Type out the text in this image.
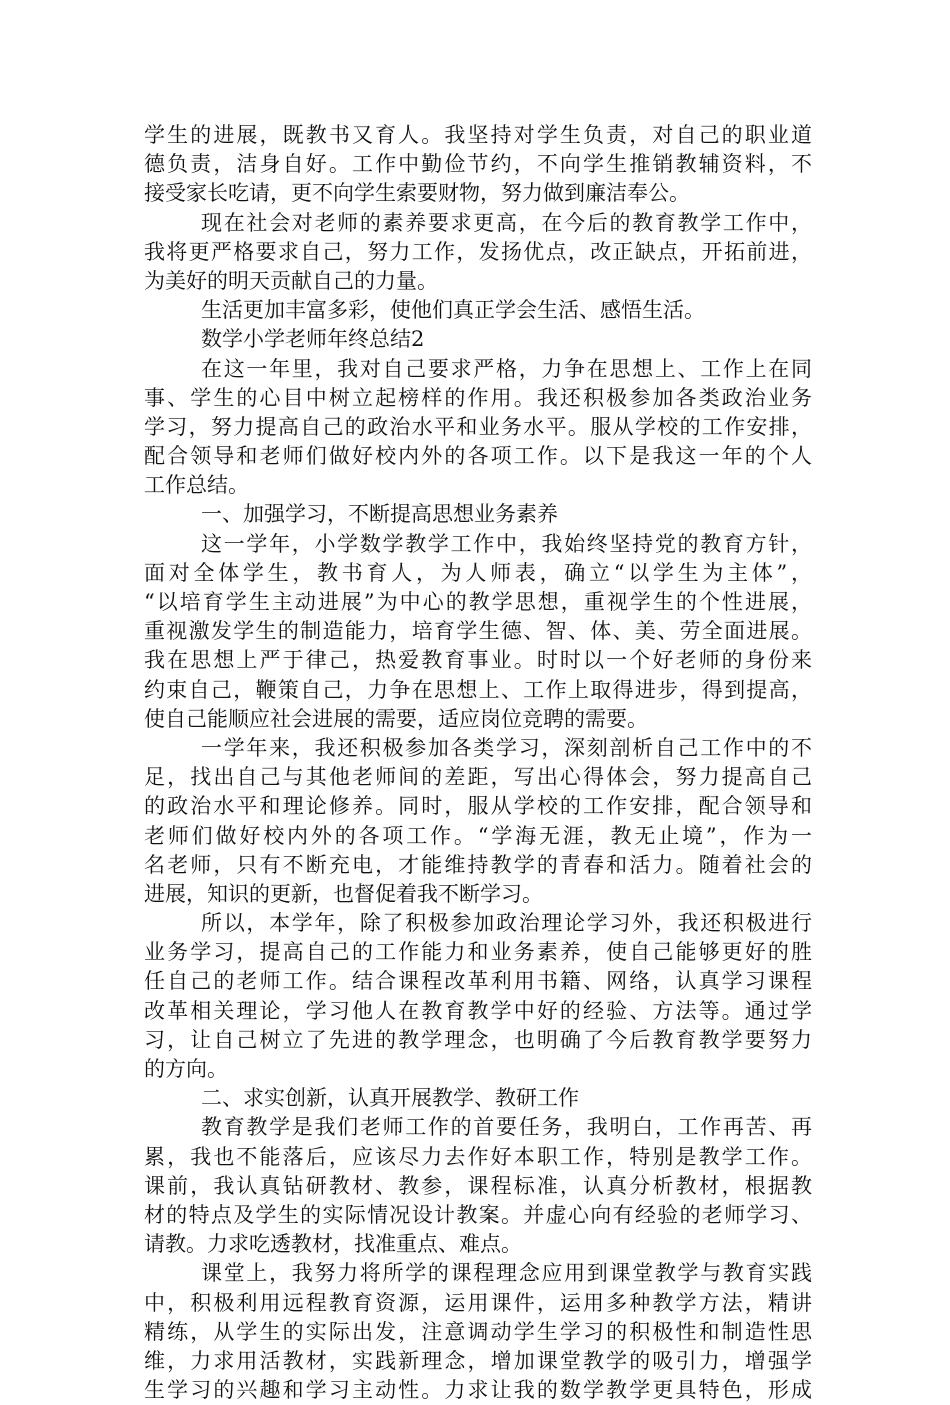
学生的进展，既教书又育人。我坚持对学生负责，对自己的职业道
德负责，洁身自好。工作中勤俭节约，不向学生推销教辅资料，不
接受家长吃请，更不向学生索要财物，努力做到廉洁奉公。
现在社会对老师的素养要求更高，在今后的教育教学工作中，
我将更严格要求自己，努力工作，发扬优点，改正缺点，开拓前进，
为美好的明天贡献自己的力量。
生活更加丰富多彩，使他们真正学会生活、感悟生活。
数学小学老师年终总结2
在这一年里，我对自己要求严格，力争在思想上、工作上在同
事、学生的心目中树立起榜样的作用。我还积极参加各类政治业务
学习，努力提高自己的政治水平和业务水平。服从学校的工作安排，
配合领导和老师们做好校内外的各项工作。以下是我这一年的个人
工作总结。
一、加强学习，不断提高思想业务素养
这一学年，小学数学教学工作中，我始终坚持党的教育方针，
面对全体学生，教书育人，为人师表，确立“以学生为主体”，
“以培育学生主动进展”为中心的教学思想，重视学生的个性进展，
重视激发学生的制造能力，培育学生德、智、体、美、劳全面进展。
我在思想上严于律己，热爱教育事业。时时以一个好老师的身份来
约束自己，鞭策自己，力争在思想上、工作上取得进步，得到提高，
使自己能顺应社会进展的需要，适应岗位竞聘的需要。
一学年来，我还积极参加各类学习，深刻剖析自己工作中的不
足，找出自己与其他老师间的差距，写出心得体会，努力提高自己
的政治水平和理论修养。同时，服从学校的工作安排，配合领导和
老师们做好校内外的各项工作。“学海无涯，教无止境”，作为一
名老师，只有不断充电，才能维持教学的青春和活力。随着社会的
进展，知识的更新，也督促着我不断学习。
所以，本学年，除了积极参加政治理论学习外，我还积极进行
业务学习，提高自己的工作能力和业务素养，使自己能够更好的胜
任自己的老师工作。结合课程改革利用书籍、网络，认真学习课程
改革相关理论，学习他人在教育教学中好的经验、方法等。通过学
习，让自己树立了先进的教学理念，也明确了今后教育教学要努力
的方向。
二、求实创新，认真开展教学、教研工作
教育教学是我们老师工作的首要任务，我明白，工作再苦、再
累，我也不能落后，应该尽力去作好本职工作，特别是教学工作。
课前，我认真钻研教材、教参，课程标准，认真分析教材，根据教
材的特点及学生的实际情况设计教案。并虚心向有经验的老师学习、
请教。力求吃透教材，找准重点、难点。
课堂上，我努力将所学的课程理念应用到课堂教学与教育实践
中，积极利用远程教育资源，运用课件，运用多种教学方法，精讲
精练，从学生的实际出发，注意调动学生学习的积极性和制造性思
维，力求用活教材，实践新理念，增加课堂教学的吸引力，增强学
生学习的兴趣和学习主动性。力求让我的数学教学更具特色，形成
